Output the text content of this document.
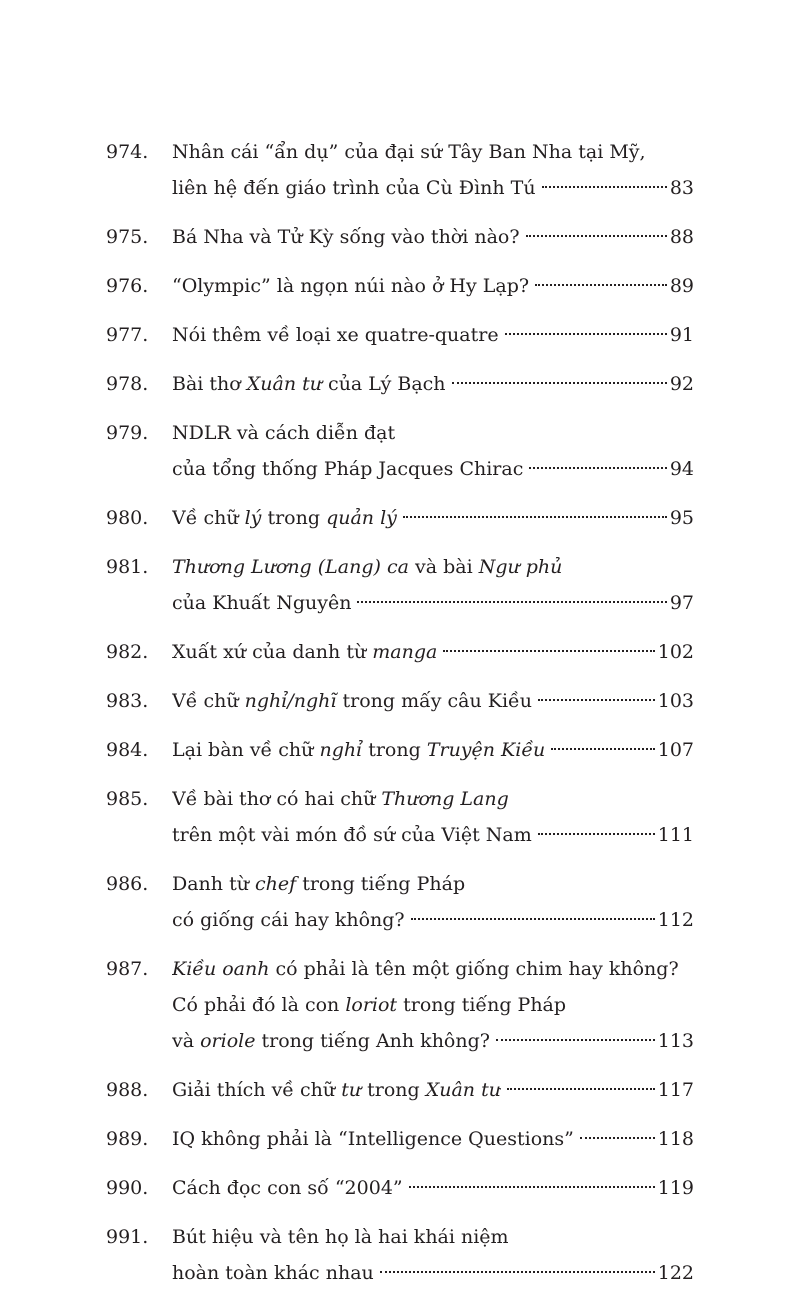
974.	Nhân cái “ẩn dụ” của đại sứ Tây Ban Nha tại Mỹ,
liên hệ đến giáo trình của Cù Đình Tú	83
975.	Bá Nha và Tử Kỳ sống vào thời nào?	88
976.	“Olympic” là ngọn núi nào ở Hy Lạp?	89
977.	Nói thêm về loại xe quatre-quatre	91
978.	Bài thơ Xuân tư của Lý Bạch	92
979.	NDLR và cách diễn đạt
của tổng thống Pháp Jacques Chirac	94
980.	Về chữ lý trong quản lý	95
981.	Thương Lương (Lang) ca và bài Ngư phủ
của Khuất Nguyên	97
982.	Xuất xứ của danh từ manga	102
983.	Về chữ nghỉ/nghĩ trong mấy câu Kiều	103
984.	Lại bàn về chữ nghỉ trong Truyện Kiều	107
985.	Về bài thơ có hai chữ Thương Lang
trên một vài món đồ sứ của Việt Nam	111
986.	Danh từ chef trong tiếng Pháp
có giống cái hay không?	112
987.	Kiều oanh có phải là tên một giống chim hay không?
Có phải đó là con loriot trong tiếng Pháp
và oriole trong tiếng Anh không?	113
988.	Giải thích về chữ tư trong Xuân tư	117
989.	IQ không phải là “Intelligence Questions”	118
990.	Cách đọc con số “2004”	119
991.	Bút hiệu và tên họ là hai khái niệm
hoàn toàn khác nhau	122
